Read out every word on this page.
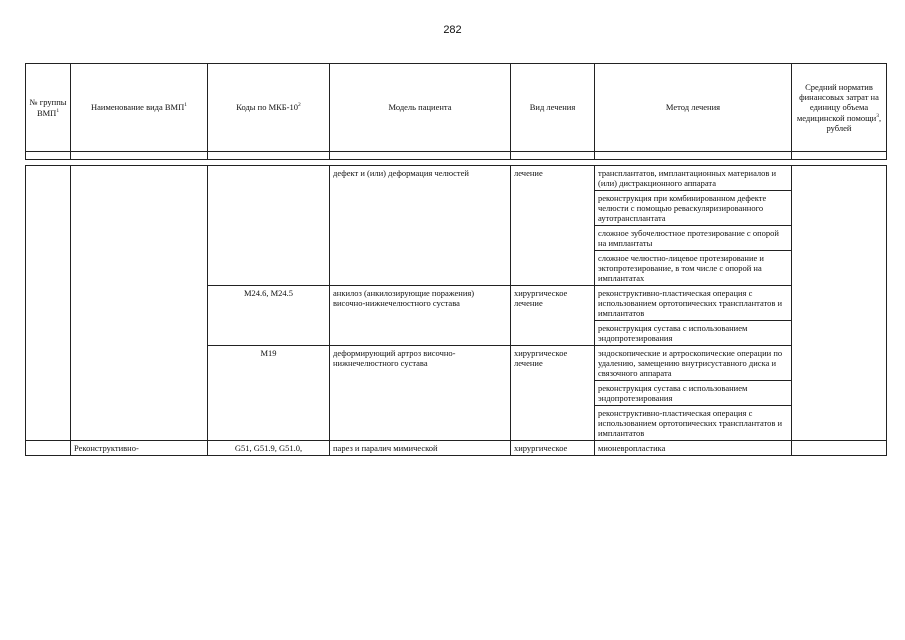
282
№ группы ВМП$^1$	Наименование вида ВМП$^1$	Коды по МКБ-$10^2$	Модель пациента	Вид лечения	Метод лечения	Средний норматив финансовых затрат на единицу объема медицинской помощи$^3$, рублей

			дефект и (или) деформация челюстей	лечение	трансплантатов, имплантационных материалов и (или) дистракционного аппарата	
					реконструкция при комбинированном дефекте челюсти с помощью реваскуляризированного аутотрансплантата	
					сложное зубочелюстное протезирование с опорой на имплантаты	
					сложное челюстно-лицевое протезирование и эктопротезирование, в том числе с опорой на имплантатах	
		M24.6, M24.5	анкилоз (анкилозирующие поражения) височно-нижнечелюстного сустава	хирургическое лечение	реконструктивно-пластическая операция с использованием ортотопических трансплантатов и имплантатов	
					реконструкция сустава с использованием эндопротезирования	
		M19	деформирующий артроз височно-нижнечелюстного сустава	хирургическое лечение	эндоскопические и артроскопические операции по удалению, замещению внутрисуставного диска и связочного аппарата	
					реконструкция сустава с использованием эндопротезирования	
					реконструктивно-пластическая операция с использованием ортотопических трансплантатов и имплантатов	

	Реконструктивно-	G51, G51.9, G51.0,	парез и паралич мимической	хирургическое	мионевропластика	
